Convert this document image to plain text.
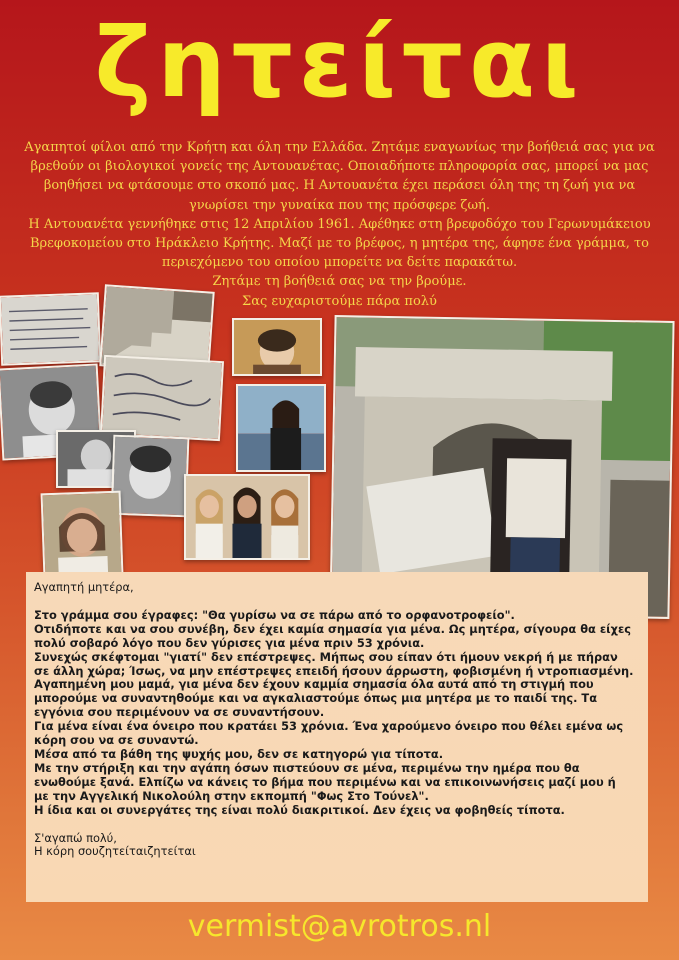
ζητείται

Αγαπητοί φίλοι από την Κρήτη και όλη την Ελλάδα. Ζητάμε εναγωνίως την βοήθειά σας για να βρεθούν οι βιολογικοί γονείς της Αντουανέτας. Οποιαδήποτε πληροφορία σας, μπορεί να μας βοηθήσει να φτάσουμε στο σκοπό μας. Η Αντουανέτα έχει περάσει όλη της τη ζωή για να γνωρίσει την γυναίκα που της πρόσφερε ζωή.

Η Αντουανέτα γεννήθηκε στις 12 Απριλίου 1961. Αφέθηκε στη βρεφοδόχο του Γερωνυμάκειου Βρεφοκομείου στο Ηράκλειο Κρήτης. Μαζί με το βρέφος, η μητέρα της, άφησε ένα γράμμα, το περιεχόμενο του οποίου μπορείτε να δείτε παρακάτω.

Ζητάμε τη βοήθειά σας να την βρούμε.

Σας ευχαριστούμε πάρα πολύ

Αγαπητή μητέρα,
Στο γράμμα σου έγραφες: "Θα γυρίσω να σε πάρω από το ορφανοτροφείο".
Οτιδήποτε και να σου συνέβη, δεν έχει καμία σημασία για μένα. Ως μητέρα, σίγουρα θα είχες πολύ σοβαρό λόγο που δεν γύρισες για μένα πριν 53 χρόνια.
Συνεχώς σκέφτομαι "γιατί" δεν επέστρεψες. Μήπως σου είπαν ότι ήμουν νεκρή ή με πήραν σε άλλη χώρα; Ίσως, να μην επέστρεψες επειδή ήσουν άρρωστη, φοβισμένη ή ντροπιασμένη.
Αγαπημένη μου μαμά, για μένα δεν έχουν καμμία σημασία όλα αυτά από τη στιγμή που μπορούμε να συναντηθούμε και να αγκαλιαστούμε όπως μια μητέρα με το παιδί της. Τα εγγόνια σου περιμένουν να σε συναντήσουν.
Για μένα είναι ένα όνειρο που κρατάει 53 χρόνια. Ένα χαρούμενο όνειρο που θέλει εμένα ως κόρη σου να σε συναντώ.
Μέσα από τα βάθη της ψυχής μου, δεν σε κατηγορώ για τίποτα.
Με την στήριξη και την αγάπη όσων πιστεύουν σε μένα, περιμένω την ημέρα που θα ενωθούμε ξανά. Ελπίζω να κάνεις το βήμα που περιμένω και να επικοινωνήσεις μαζί μου ή με την Αγγελική Νικολούλη στην εκπομπή "Φως Στο Τούνελ".
Η ίδια και οι συνεργάτες της είναι πολύ διακριτικοί. Δεν έχεις να φοβηθείς τίποτα.
Σ'αγαπώ πολύ,
Η κόρη σουζητείταιζητείται
vermist@avrotros.nl
